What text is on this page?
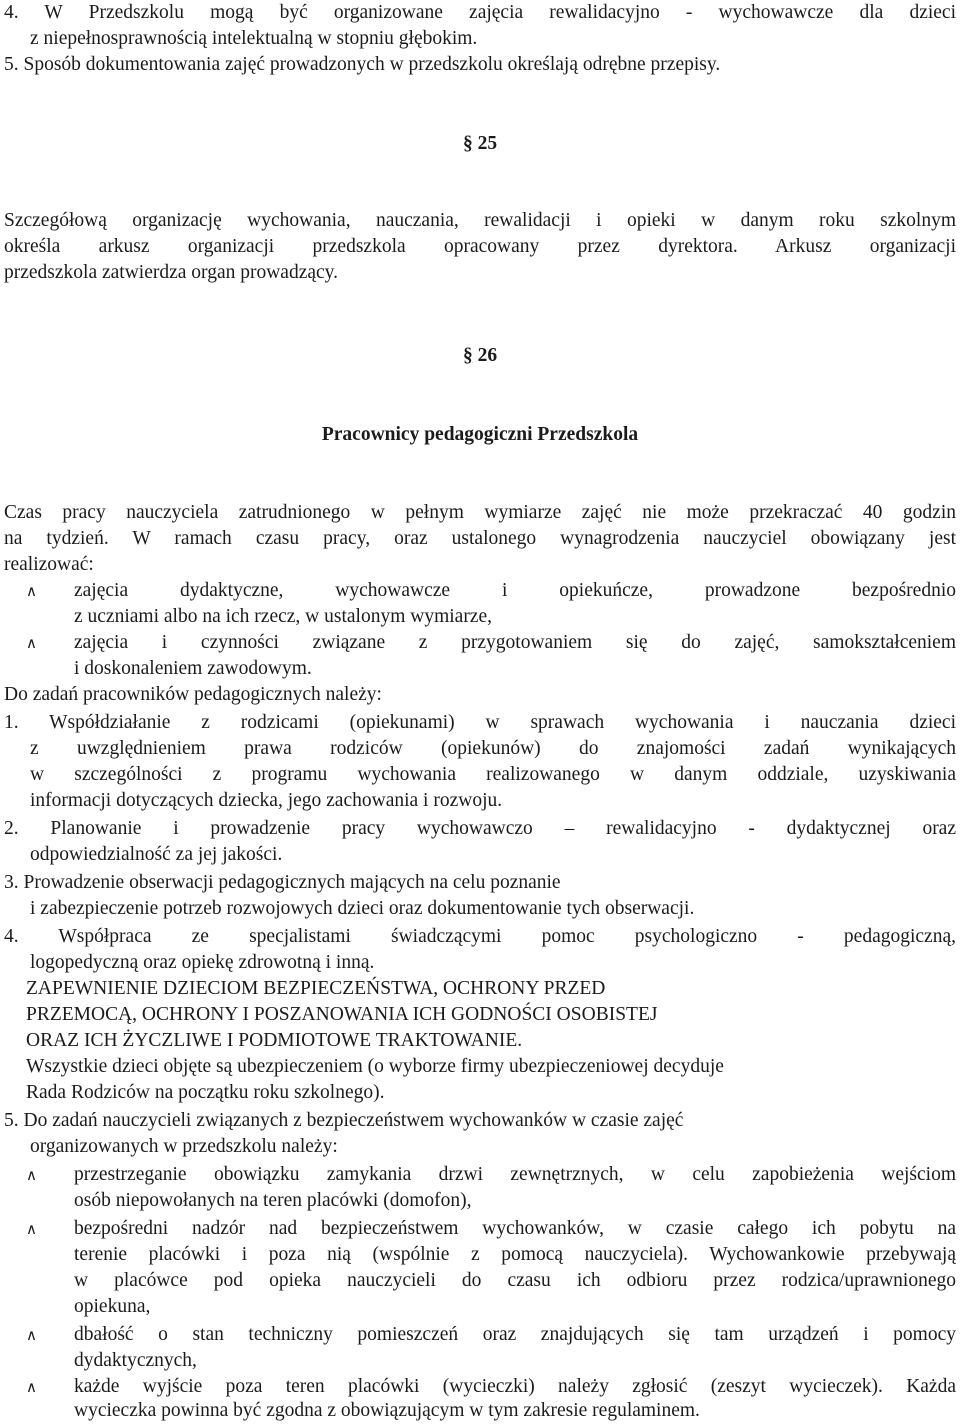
4. W Przedszkolu mogą być organizowane zajęcia rewalidacyjno - wychowawcze dla dzieci
z niepełnosprawnością intelektualną w stopniu głębokim.
5. Sposób dokumentowania zajęć prowadzonych w przedszkolu określają odrębne przepisy.
§ 25
Szczegółową organizację wychowania, nauczania, rewalidacji i opieki w danym roku szkolnym
określa arkusz organizacji przedszkola opracowany przez dyrektora. Arkusz organizacji
przedszkola zatwierdza organ prowadzący.
§ 26
Pracownicy pedagogiczni Przedszkola
Czas pracy nauczyciela zatrudnionego w pełnym wymiarze zajęć nie może przekraczać 40 godzin
na tydzień. W ramach czasu pracy, oraz ustalonego wynagrodzenia nauczyciel obowiązany jest
realizować:
∧ zajęcia dydaktyczne, wychowawcze i opiekuńcze, prowadzone bezpośrednio
z uczniami albo na ich rzecz, w ustalonym wymiarze,
∧ zajęcia i czynności związane z przygotowaniem się do zajęć, samokształceniem
i doskonaleniem zawodowym.
Do zadań pracowników pedagogicznych należy:
1. Współdziałanie z rodzicami (opiekunami) w sprawach wychowania i nauczania dzieci
z uwzględnieniem prawa rodziców (opiekunów) do znajomości zadań wynikających
w szczególności z programu wychowania realizowanego w danym oddziale, uzyskiwania
informacji dotyczących dziecka, jego zachowania i rozwoju.
2. Planowanie i prowadzenie pracy wychowawczo – rewalidacyjno - dydaktycznej oraz
odpowiedzialność za jej jakości.
3. Prowadzenie obserwacji pedagogicznych mających na celu poznanie
i zabezpieczenie potrzeb rozwojowych dzieci oraz dokumentowanie tych obserwacji.
4. Współpraca ze specjalistami świadczącymi pomoc psychologiczno - pedagogiczną,
logopedyczną oraz opiekę zdrowotną i inną.
ZAPEWNIENIE DZIECIOM BEZPIECZEŃSTWA, OCHRONY PRZED
PRZEMOCĄ, OCHRONY I POSZANOWANIA ICH GODNOŚCI OSOBISTEJ
ORAZ ICH ŻYCZLIWE I PODMIOTOWE TRAKTOWANIE.
Wszystkie dzieci objęte są ubezpieczeniem (o wyborze firmy ubezpieczeniowej decyduje
Rada Rodziców na początku roku szkolnego).
5. Do zadań nauczycieli związanych z bezpieczeństwem wychowanków w czasie zajęć
organizowanych w przedszkolu należy:
∧ przestrzeganie obowiązku zamykania drzwi zewnętrznych, w celu zapobieżenia wejściom
osób niepowołanych na teren placówki (domofon),
∧ bezpośredni nadzór nad bezpieczeństwem wychowanków, w czasie całego ich pobytu na
terenie placówki i poza nią (wspólnie z pomocą nauczyciela). Wychowankowie przebywają
w placówce pod opieka nauczycieli do czasu ich odbioru przez rodzica/uprawnionego
opiekuna,
∧ dbałość o stan techniczny pomieszczeń oraz znajdujących się tam urządzeń i pomocy
dydaktycznych,
∧ każde wyjście poza teren placówki (wycieczki) należy zgłosić (zeszyt wycieczek). Każda
wycieczka powinna być zgodna z obowiązującym w tym zakresie regulaminem.
